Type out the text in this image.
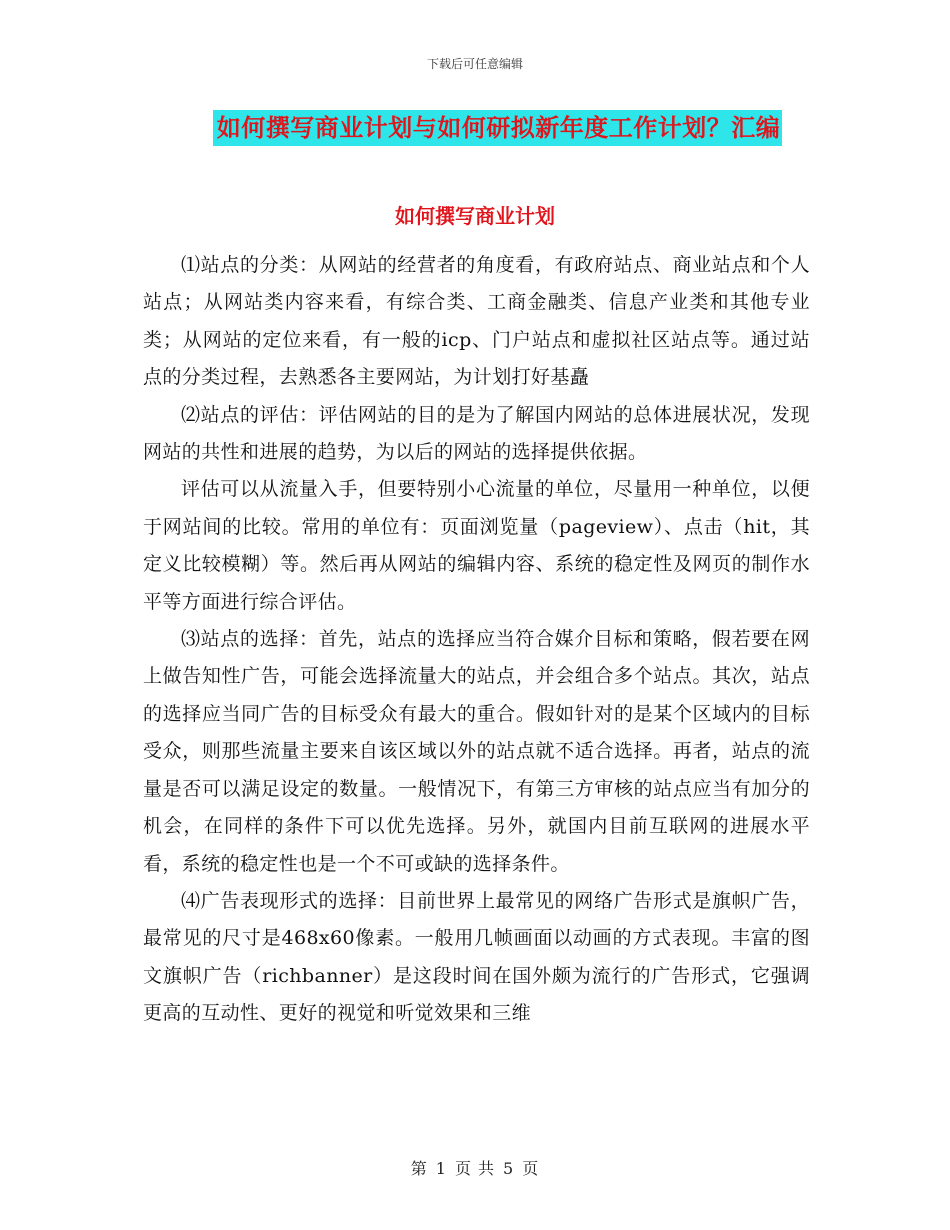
下载后可任意编辑
如何撰写商业计划与如何研拟新年度工作计划？汇编
如何撰写商业计划

⑴站点的分类：从网站的经营者的角度看，有政府站点、商业站点和个人站点；从网站类内容来看，有综合类、工商金融类、信息产业类和其他专业类；从网站的定位来看，有一般的icp、门户站点和虚拟社区站点等。通过站点的分类过程，去熟悉各主要网站，为计划打好基矗

⑵站点的评估：评估网站的目的是为了解国内网站的总体进展状况，发现网站的共性和进展的趋势，为以后的网站的选择提供依据。

评估可以从流量入手，但要特别小心流量的单位，尽量用一种单位，以便于网站间的比较。常用的单位有：页面浏览量（pageview）、点击（hit，其定义比较模糊）等。然后再从网站的编辑内容、系统的稳定性及网页的制作水平等方面进行综合评估。

⑶站点的选择：首先，站点的选择应当符合媒介目标和策略，假若要在网上做告知性广告，可能会选择流量大的站点，并会组合多个站点。其次，站点的选择应当同广告的目标受众有最大的重合。假如针对的是某个区域内的目标受众，则那些流量主要来自该区域以外的站点就不适合选择。再者，站点的流量是否可以满足设定的数量。一般情况下，有第三方审核的站点应当有加分的机会，在同样的条件下可以优先选择。另外，就国内目前互联网的进展水平看，系统的稳定性也是一个不可或缺的选择条件。

⑷广告表现形式的选择：目前世界上最常见的网络广告形式是旗帜广告，最常见的尺寸是468x60像素。一般用几帧画面以动画的方式表现。丰富的图文旗帜广告（richbanner）是这段时间在国外颇为流行的广告形式，它强调更高的互动性、更好的视觉和听觉效果和三维

第 1 页 共 5 页
